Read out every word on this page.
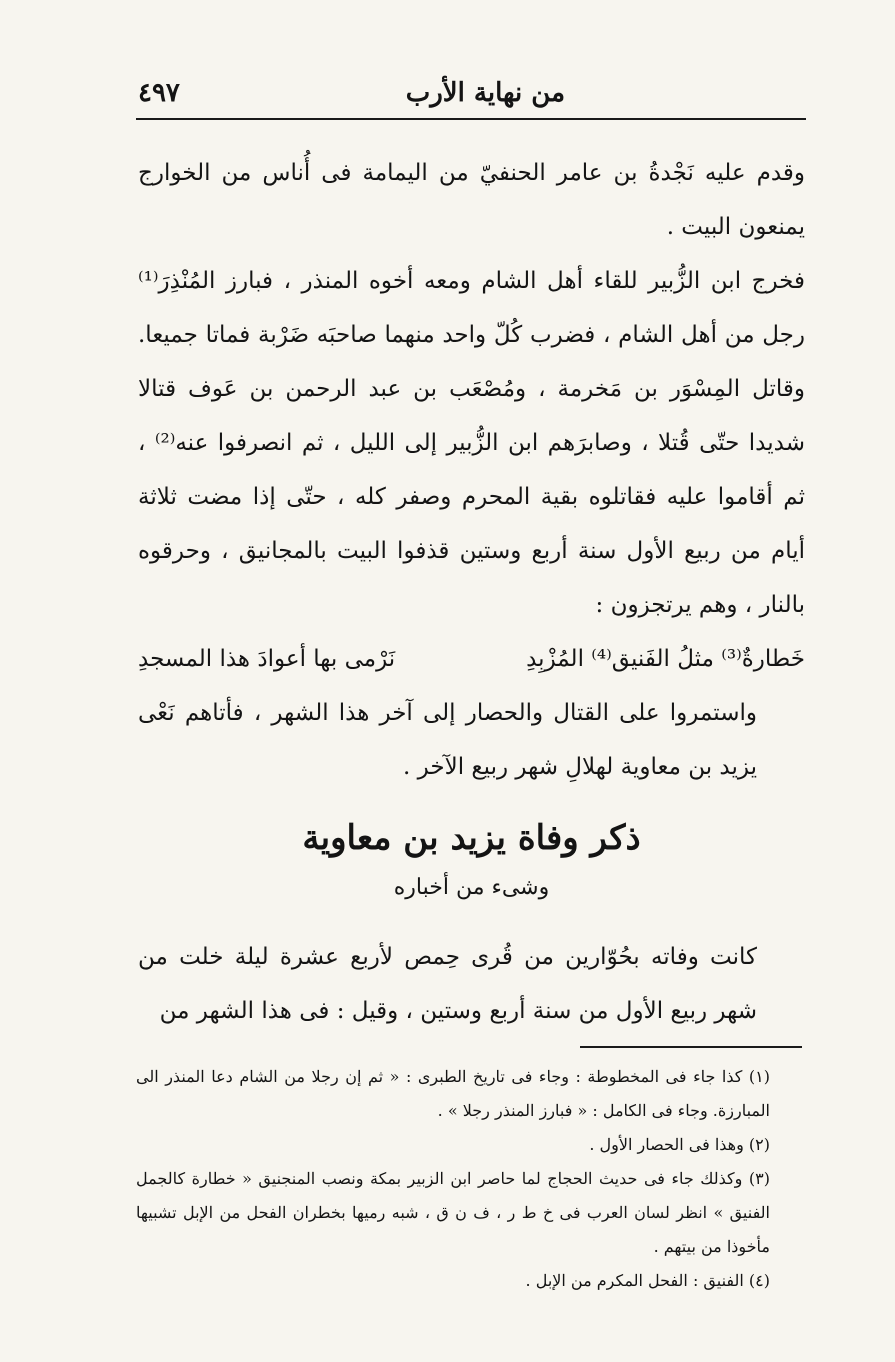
من نهاية الأرب
٤٩٧

وقدم عليه نَجْدةُ بن عامر الحنفيّ من اليمامة فى أُناس من الخوارج يمنعون البيت .

فخرج ابن الزُّبير للقاء أهل الشام ومعه أخوه المنذر ، فبارز المُنْذِرَ⁽¹⁾ رجل من أهل الشام ، فضرب كُلّ واحد منهما صاحبَه ضَرْبة فماتا جميعا. وقاتل المِسْوَر بن مَخرمة ، ومُصْعَب بن عبد الرحمن بن عَوف قتالا شديدا حتّى قُتلا ، وصابرَهم ابن الزُّبير إلى الليل ، ثم انصرفوا عنه⁽²⁾ ، ثم أقاموا عليه فقاتلوه بقية المحرم وصفر كله ، حتّى إذا مضت ثلاثة أيام من ربيع الأول سنة أربع وستين قذفوا البيت بالمجانيق ، وحرقوه بالنار ، وهم يرتجزون :

خَطارةٌ⁽³⁾ مثلُ الفَنيق⁽⁴⁾ المُزْبِدِ
نَرْمى بها أعوادَ هذا المسجدِ

واستمروا على القتال والحصار إلى آخر هذا الشهر ، فأتاهم نَعْى يزيد بن معاوية لهلالِ شهر ربيع الآخر .

ذكر وفاة يزيد بن معاوية
وشىء من أخباره

كانت وفاته بحُوّارين من قُرى حِمص لأربع عشرة ليلة خلت من شهر ربيع الأول من سنة أربع وستين ، وقيل : فى هذا الشهر من

(١) كذا جاء فى المخطوطة : وجاء فى تاريخ الطبرى : « ثم إن رجلا من الشام دعا المنذر الى المبارزة. وجاء فى الكامل : « فبارز المنذر رجلا » .

(٢) وهذا فى الحصار الأول .

(٣) وكذلك جاء فى حديث الحجاج لما حاصر ابن الزبير بمكة ونصب المنجنيق « خطارة كالجمل الفنيق » انظر لسان العرب فى خ ط ر ، ف ن ق ، شبه رميها بخطران الفحل من الإبل تشبيها مأخوذا من بيتهم .

(٤) الفنيق : الفحل المكرم من الإبل .
